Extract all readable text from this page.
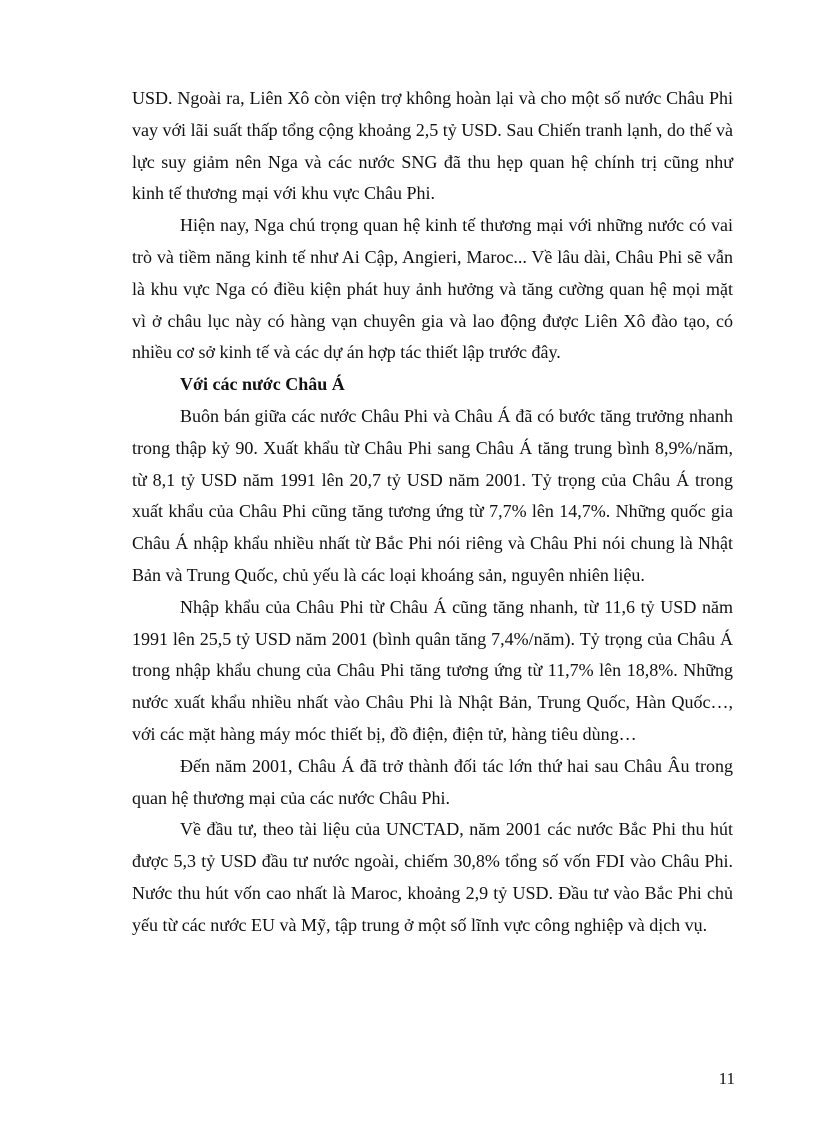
USD. Ngoài ra, Liên Xô còn viện trợ không hoàn lại và cho một số nước Châu Phi vay với lãi suất thấp tổng cộng khoảng 2,5 tỷ USD. Sau Chiến tranh lạnh, do thế và lực suy giảm nên Nga và các nước SNG đã thu hẹp quan hệ chính trị cũng như kinh tế thương mại với khu vực Châu Phi.

Hiện nay, Nga chú trọng quan hệ kinh tế thương mại với những nước có vai trò và tiềm năng kinh tế như Ai Cập, Angieri, Maroc... Về lâu dài, Châu Phi sẽ vẫn là khu vực Nga có điều kiện phát huy ảnh hưởng và tăng cường quan hệ mọi mặt vì ở châu lục này có hàng vạn chuyên gia và lao động được Liên Xô đào tạo, có nhiều cơ sở kinh tế và các dự án hợp tác thiết lập trước đây.

Với các nước Châu Á

Buôn bán giữa các nước Châu Phi và Châu Á đã có bước tăng trưởng nhanh trong thập kỷ 90. Xuất khẩu từ Châu Phi sang Châu Á tăng trung bình 8,9%/năm, từ 8,1 tỷ USD năm 1991 lên 20,7 tỷ USD năm 2001. Tỷ trọng của Châu Á trong xuất khẩu của Châu Phi cũng tăng tương ứng từ 7,7% lên 14,7%. Những quốc gia Châu Á nhập khẩu nhiều nhất từ Bắc Phi nói riêng và Châu Phi nói chung là Nhật Bản và Trung Quốc, chủ yếu là các loại khoáng sản, nguyên nhiên liệu.

Nhập khẩu của Châu Phi từ Châu Á cũng tăng nhanh, từ 11,6 tỷ USD năm 1991 lên 25,5 tỷ USD năm 2001 (bình quân tăng 7,4%/năm). Tỷ trọng của Châu Á trong nhập khẩu chung của Châu Phi tăng tương ứng từ 11,7% lên 18,8%. Những nước xuất khẩu nhiều nhất vào Châu Phi là Nhật Bản, Trung Quốc, Hàn Quốc…, với các mặt hàng máy móc thiết bị, đồ điện, điện tử, hàng tiêu dùng…

Đến năm 2001, Châu Á đã trở thành đối tác lớn thứ hai sau Châu Âu trong quan hệ thương mại của các nước Châu Phi.

Về đầu tư, theo tài liệu của UNCTAD, năm 2001 các nước Bắc Phi thu hút được 5,3 tỷ USD đầu tư nước ngoài, chiếm 30,8% tổng số vốn FDI vào Châu Phi. Nước thu hút vốn cao nhất là Maroc, khoảng 2,9 tỷ USD. Đầu tư vào Bắc Phi chủ yếu từ các nước EU và Mỹ, tập trung ở một số lĩnh vực công nghiệp và dịch vụ.

11
